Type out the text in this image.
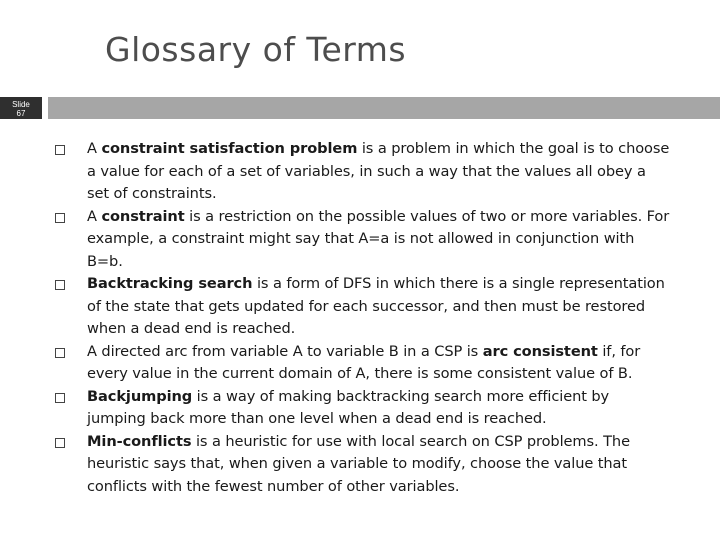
Glossary of Terms
Slide
67
A constraint satisfaction problem is a problem in which the goal is to choose a value for each of a set of variables, in such a way that the values all obey a set of constraints.
A constraint is a restriction on the possible values of two or more variables. For example, a constraint might say that A=a is not allowed in conjunction with B=b.
Backtracking search is a form of DFS in which there is a single representation of the state that gets updated for each successor, and then must be restored when a dead end is reached.
A directed arc from variable A to variable B in a CSP is arc consistent if, for every value in the current domain of A, there is some consistent value of B.
Backjumping is a way of making backtracking search more efficient by jumping back more than one level when a dead end is reached.
Min-conflicts is a heuristic for use with local search on CSP problems. The heuristic says that, when given a variable to modify, choose the value that conflicts with the fewest number of other variables.
